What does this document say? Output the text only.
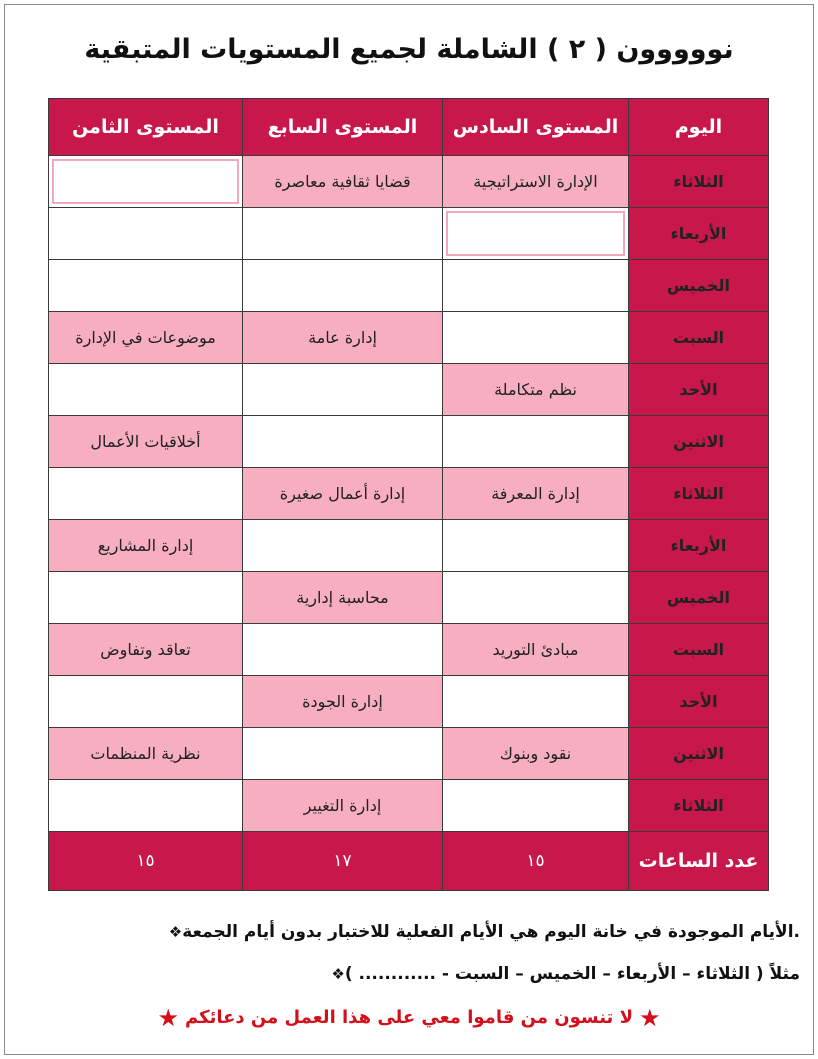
نووووون ( ٢ ) الشاملة لجميع المستويات المتبقية
اليوم	المستوى السادس	المستوى السابع	المستوى الثامن
الثلاثاء	الإدارة الاستراتيجية	قضايا ثقافية معاصرة	

الأربعاء	

الخميس			
السبت		إدارة عامة	موضوعات في الإدارة
الأحد	نظم متكاملة		
الاثنين			أخلاقيات الأعمال
الثلاثاء	إدارة المعرفة	إدارة أعمال صغيرة	
الأربعاء			إدارة المشاريع
الخميس		محاسبة إدارية	
السبت	مبادئ التوريد		تعاقد وتفاوض
الأحد		إدارة الجودة	
الاثنين	نقود وبنوك		نظرية المنظمات
الثلاثاء		إدارة التغيير	
عدد الساعات	١٥	١٧	١٥
❖الأيام الموجودة في خانة اليوم هي الأيام الفعلية للاختبار بدون أيام الجمعة.
❖مثلاً ( الثلاثاء – الأربعاء – الخميس – السبت - ............ )
★لا تنسون من قاموا معي على هذا العمل من دعائكم★
